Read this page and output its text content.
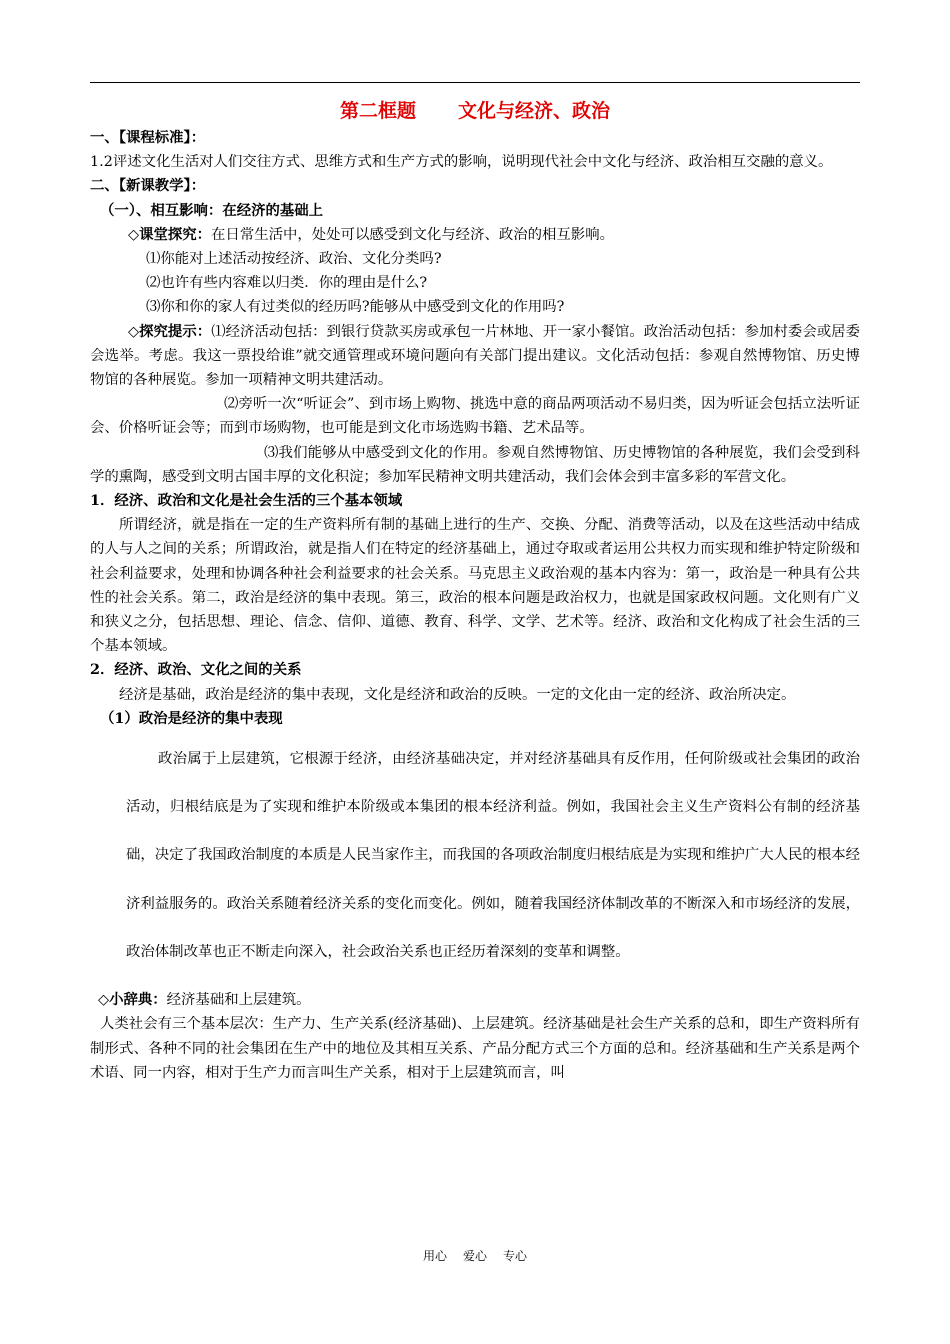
第二框题 文化与经济、政治

一、【课程标准】：

1.2评述文化生活对人们交往方式、思维方式和生产方式的影响，说明现代社会中文化与经济、政治相互交融的意义。

二、【新课教学】：

（一）、相互影响：在经济的基础上

◇课堂探究：在日常生活中，处处可以感受到文化与经济、政治的相互影响。

⑴你能对上述活动按经济、政治、文化分类吗?

⑵也许有些内容难以归类．你的理由是什么?

⑶你和你的家人有过类似的经历吗?能够从中感受到文化的作用吗?

◇探究提示：⑴经济活动包括：到银行贷款买房或承包一片林地、开一家小餐馆。政治活动包括：参加村委会或居委会选举。考虑。我这一票投给谁”就交通管理或环境问题向有关部门提出建议。文化活动包括：参观自然博物馆、历史博物馆的各种展览。参加一项精神文明共建活动。

⑵旁听一次“听证会”、到市场上购物、挑选中意的商品两项活动不易归类，因为听证会包括立法听证会、价格听证会等；而到市场购物，也可能是到文化市场选购书籍、艺术品等。

⑶我们能够从中感受到文化的作用。参观自然博物馆、历史博物馆的各种展览，我们会受到科学的熏陶，感受到文明古国丰厚的文化积淀；参加军民精神文明共建活动，我们会体会到丰富多彩的军营文化。

1．经济、政治和文化是社会生活的三个基本领域

所谓经济，就是指在一定的生产资料所有制的基础上进行的生产、交换、分配、消费等活动，以及在这些活动中结成的人与人之间的关系；所谓政治，就是指人们在特定的经济基础上，通过夺取或者运用公共权力而实现和维护特定阶级和社会利益要求，处理和协调各种社会利益要求的社会关系。马克思主义政治观的基本内容为：第一，政治是一种具有公共性的社会关系。第二，政治是经济的集中表现。第三，政治的根本问题是政治权力，也就是国家政权问题。文化则有广义和狭义之分，包括思想、理论、信念、信仰、道德、教育、科学、文学、艺术等。经济、政治和文化构成了社会生活的三个基本领域。

2．经济、政治、文化之间的关系

经济是基础，政治是经济的集中表现，文化是经济和政治的反映。一定的文化由一定的经济、政治所决定。

（1）政治是经济的集中表现

政治属于上层建筑，它根源于经济，由经济基础决定，并对经济基础具有反作用，任何阶级或社会集团的政治活动，归根结底是为了实现和维护本阶级或本集团的根本经济利益。例如，我国社会主义生产资料公有制的经济基础，决定了我国政治制度的本质是人民当家作主，而我国的各项政治制度归根结底是为实现和维护广大人民的根本经济利益服务的。政治关系随着经济关系的变化而变化。例如，随着我国经济体制改革的不断深入和市场经济的发展，政治体制改革也正不断走向深入，社会政治关系也正经历着深刻的变革和调整。

◇小辞典：经济基础和上层建筑。

人类社会有三个基本层次：生产力、生产关系(经济基础)、上层建筑。经济基础是社会生产关系的总和，即生产资料所有制形式、各种不同的社会集团在生产中的地位及其相互关系、产品分配方式三个方面的总和。经济基础和生产关系是两个术语、同一内容，相对于生产力而言叫生产关系，相对于上层建筑而言，叫

用心 爱心 专心
